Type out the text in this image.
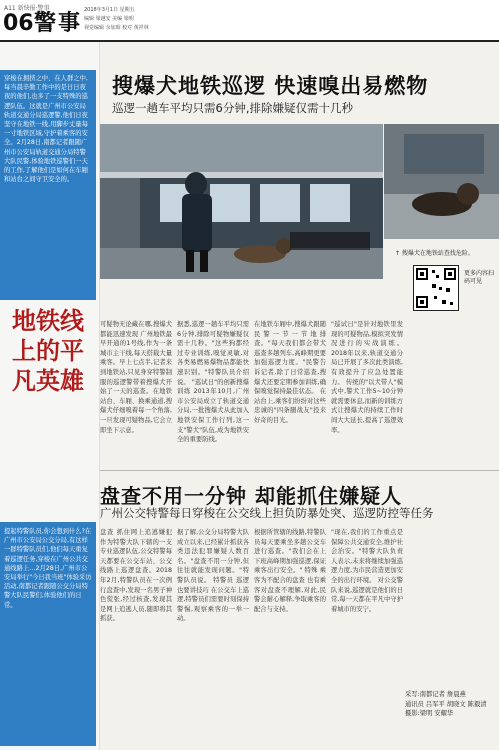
A11 新快报·警事
06 警事
2018年3月1日 星期五
编辑 梁越安 美编 梁明
视觉编辑 余加昭 校对 黄祥林
穿梭在拥挤之中、在人群之中,每当晨辛勤工作中的是日日夜夜的他们,也多了一支特殊的巡逻队伍。这就是广州市公安局轨道交通分局巡逻警,他们日夜坚守在地铁一线,用脚步丈量每一寸地铁区域,守护着乘客的安全。2月28日,南都记者跟随广州市公安局轨道交通分局特警大队民警,体验地铁巡警们一天的工作,了解他们是如何在车厢和站台之间守卫安全的。
地铁线上的平凡英雄
提起特警队员,你会想到什么?在广州市公安局公交分局,有这样一群特警队员们,他们每天重复着巡逻任务,穿梭在广州公共交通线路上…2月28日,广州市公安局举行"今日我当班"体验采访活动,南都记者跟随公交分局特警大队民警们,体验他们的日常。
搜爆犬地铁巡逻 快速嗅出易燃物
巡逻一趟车平均只需6分钟,排除嫌疑仅需十几秒
↑ 搜爆犬在地铁站查找危险。
更多内容扫码可见
可疑物无论藏在哪,搜爆犬都能迅速发现 广州地铁最早开通的1号线,作为一条城市主干线,每天搭载大量乘客。早上七点半,记者来到地铁站,只见身穿特警制服的巡逻警带着搜爆犬开始了一天的巡查。在地铁站台、车厢、换乘通道,搜爆犬仔细嗅着每一个角落,一旦发现可疑物品,它会立即坐下示意。
据悉,巡逻一趟车平均只需6分钟,排除可疑物嫌疑仅需十几秒。"这些狗都经过专业训练,嗅觉灵敏,对各类易燃易爆物品都能快速识别。"特警队员介绍说。 "巡试日"的创新搜爆训练 2013年10月,广州市公安局成立了轨道交通分局,一批搜爆犬从此加入地铁安保工作行列,这一支"警犬"队伍,成为地铁安全的重要防线。
在地铁车厢中,搜爆犬跟随民警一节一节地排查。"每天我们都会带犬巡查多趟列车,高峰期更要加强巡逻力度。"民警告诉记者,除了日常巡查,搜爆犬还要定期参加训练,确保嗅觉保持最佳状态。 在站台上,乘客们纷纷对这些忠诚的"四条腿战友"投来好奇的目光。
"巡试日"是针对地铁里发现的可疑物品,模拟突发情况进行的实战演练。2018年以来,轨道交通分局已开展了多次此类演练,有效提升了应急处置能力。 传统的"以犬带人"模式中,警犬工作5~10分钟就需要休息,而新的训练方式让搜爆犬的持续工作时间大大延长,提高了巡逻效率。
盘查不用一分钟 却能抓住嫌疑人
广州公交特警每日穿梭在公交线上担负防暴处突、巡逻防控等任务
盘查 抓住网上追逃嫌犯 作为特警大队下辖的一支专业巡逻队伍,公交特警每天都要在公交车站、公交线路上巡逻盘查。2018年2月,特警队员在一次例行盘查中,发现一名男子神色慌张,经过核查,发现其是网上追逃人员,随即将其抓获。
据了解,公交分局特警大队成立以来,已经累计抓获各类违法犯罪嫌疑人数百名。"盘查不用一分钟,但往往就能发现问题。"特警队员说。 特警员 巡逻也要讲技巧 在公交车上巡逻,特警员们需要时刻保持警惕,观察乘客的一举一动。
根据所管辖的线路,特警队员每天要乘坐多趟公交车进行巡查。"我们会在上下班高峰期加强巡逻,保证乘客出行安全。" 特殊 乘客为不配合的盘查 也有乘客对盘查不理解,对此,民警会耐心解释,争取乘客的配合与支持。
"现在,我们的工作重点是保障公共交通安全,维护社会治安。"特警大队负责人表示,未来将继续加强巡逻力度,为市民营造更加安全的出行环境。 对公交警队来说,巡逻就是他们的日常,每一天都在平凡中守护着城市的安宁。
采写:南都记者 詹晨燕
通讯员 吕军平 胡晓文 陈毅清
摄影:梁明 安耀华
